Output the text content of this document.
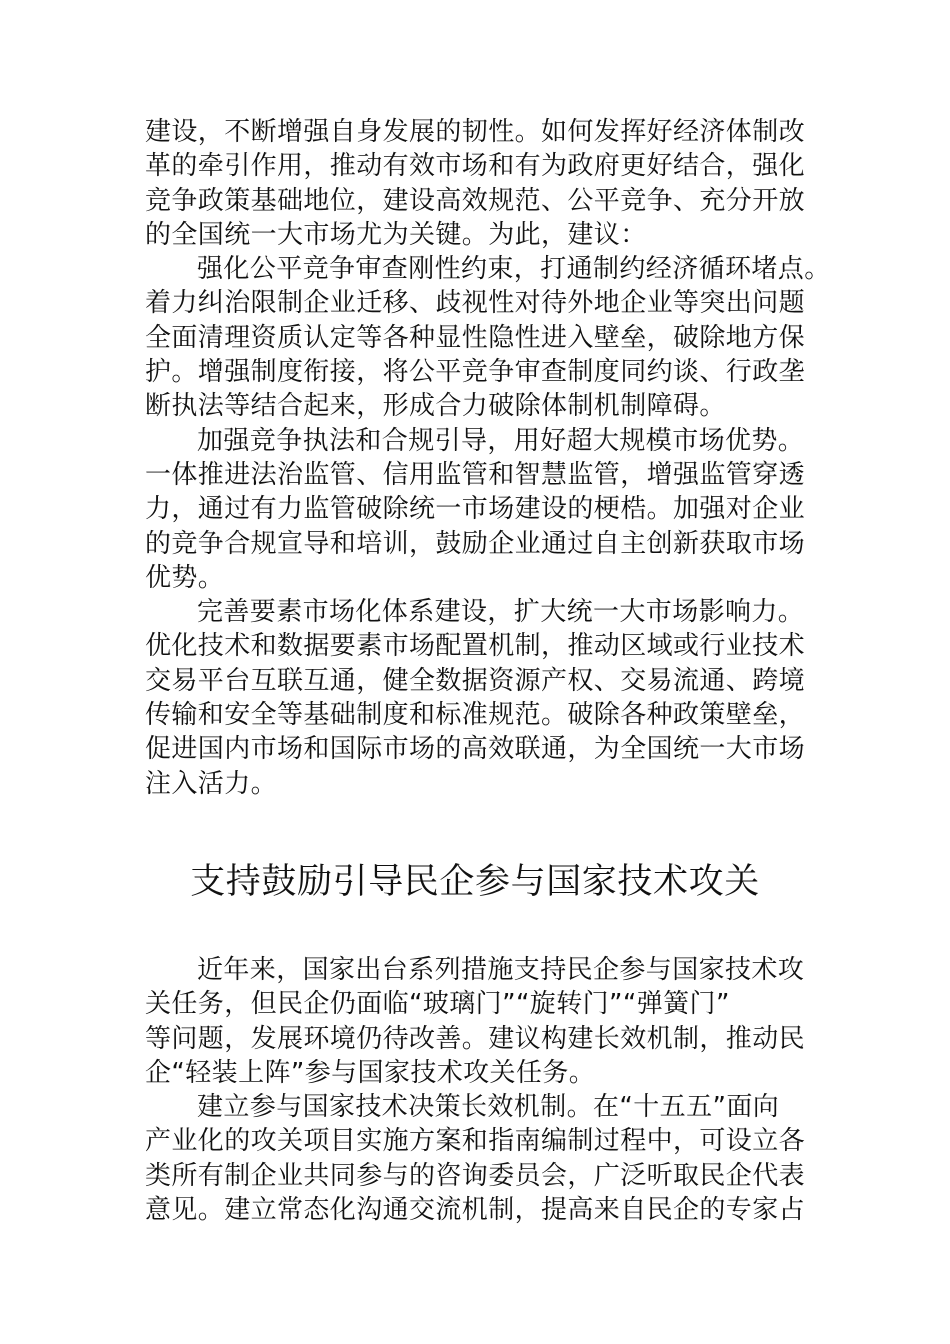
建设，不断增强自身发展的韧性。如何发挥好经济体制改
革的牵引作用，推动有效市场和有为政府更好结合，强化
竞争政策基础地位，建设高效规范、公平竞争、充分开放
的全国统一大市场尤为关键。为此，建议：
强化公平竞争审查刚性约束，打通制约经济循环堵点。
着力纠治限制企业迁移、歧视性对待外地企业等突出问题
全面清理资质认定等各种显性隐性进入壁垒，破除地方保
护。增强制度衔接，将公平竞争审查制度同约谈、行政垄
断执法等结合起来，形成合力破除体制机制障碍。
加强竞争执法和合规引导，用好超大规模市场优势。
一体推进法治监管、信用监管和智慧监管，增强监管穿透
力，通过有力监管破除统一市场建设的梗梏。加强对企业
的竞争合规宣导和培训，鼓励企业通过自主创新获取市场
优势。
完善要素市场化体系建设，扩大统一大市场影响力。
优化技术和数据要素市场配置机制，推动区域或行业技术
交易平台互联互通，健全数据资源产权、交易流通、跨境
传输和安全等基础制度和标准规范。破除各种政策壁垒，
促进国内市场和国际市场的高效联通，为全国统一大市场
注入活力。
支持鼓励引导民企参与国家技术攻关
近年来，国家出台系列措施支持民企参与国家技术攻
关任务，但民企仍面临“玻璃门”“旋转门”“弹簧门”
等问题，发展环境仍待改善。建议构建长效机制，推动民
企“轻装上阵”参与国家技术攻关任务。
建立参与国家技术决策长效机制。在“十五五”面向
产业化的攻关项目实施方案和指南编制过程中，可设立各
类所有制企业共同参与的咨询委员会，广泛听取民企代表
意见。建立常态化沟通交流机制，提高来自民企的专家占
